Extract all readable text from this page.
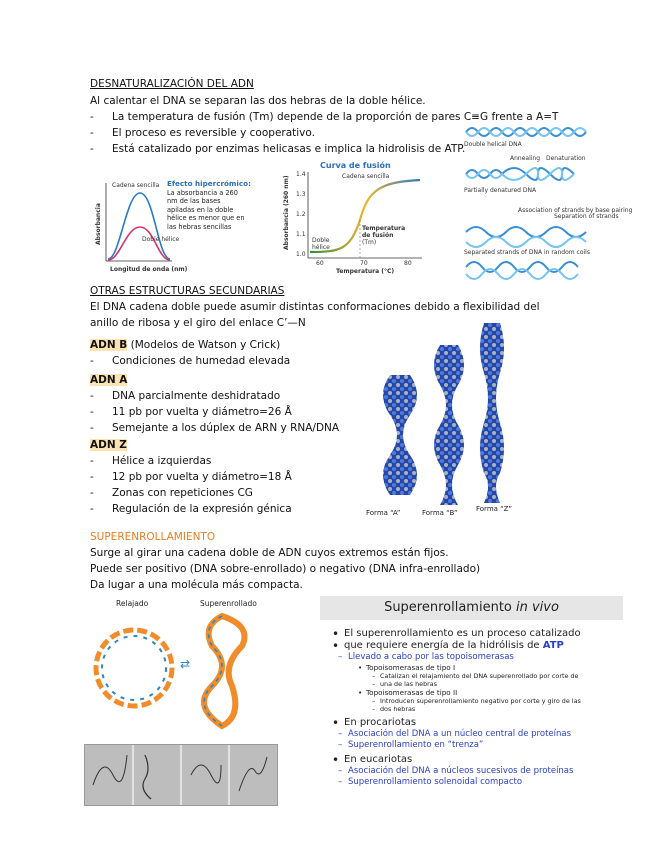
DESNATURALIZACIÓN DEL ADN
Al calentar el DNA se separan las dos hebras de la doble hélice.
-	La temperatura de fusión (Tm) depende de la proporción de pares C≡G frente a A=T
-	El proceso es reversible y cooperativo.
-	Está catalizado por enzimas helicasas e implica la hidrolisis de ATP.
Cadena sencilla
Doble hélice
Absorbancia
Longitud de onda (nm)
Efecto hipercrómico:
La absorbancia a 260
nm de las bases
apiladas en la doble
hélice es menor que en
las hebras sencillas
Curva de fusión
1.4
1.3
1.2
1.1
1.0
60	70	80
Cadena sencilla
Doble
hélice
Temperatura
de fusión
(Tm)
Absorbancia (260 nm)
Temperatura (°C)
Double helical DNA
Annealing Denaturation
Partially denatured DNA
Association of strands by base pairing
Separation of strands
Separated strands of DNA in random coils
OTRAS ESTRUCTURAS SECUNDARIAS
El DNA cadena doble puede asumir distintas conformaciones debido a flexibilidad del
anillo de ribosa y el giro del enlace C’—N
ADN B (Modelos de Watson y Crick)
-	Condiciones de humedad elevada
ADN A
-	DNA parcialmente deshidratado
-	11 pb por vuelta y diámetro=26 Å
-	Semejante a los dúplex de ARN y RNA/DNA
ADN Z
-	Hélice a izquierdas
-	12 pb por vuelta y diámetro=18 Å
-	Zonas con repeticiones CG
-	Regulación de la expresión génica	Forma “A”	Forma “B”	Forma “Z”
SUPERENROLLAMIENTO
Surge al girar una cadena doble de ADN cuyos extremos están fijos.
Puede ser positivo (DNA sobre-enrollado) o negativo (DNA infra-enrollado)
Da lugar a una molécula más compacta.
Relajado	Superenrollado
⇄
Superenrollamiento in vivo
• El superenrollamiento es un proceso catalizado
• que requiere energía de la hidrólisis de ATP
– Llevado a cabo por las topoisomerasas
• Topoisomerasas de tipo I
– Catalizan el relajamiento del DNA superenrollado por corte de
– una de las hebras
• Topoisomerasas de tipo II
– Introducen superenrollamiento negativo por corte y giro de las
– dos hebras
• En procariotas
– Asociación del DNA a un núcleo central de proteínas
– Superenrollamiento en “trenza”
• En eucariotas
– Asociación del DNA a núcleos sucesivos de proteínas
– Superenrollamiento solenoidal compacto
